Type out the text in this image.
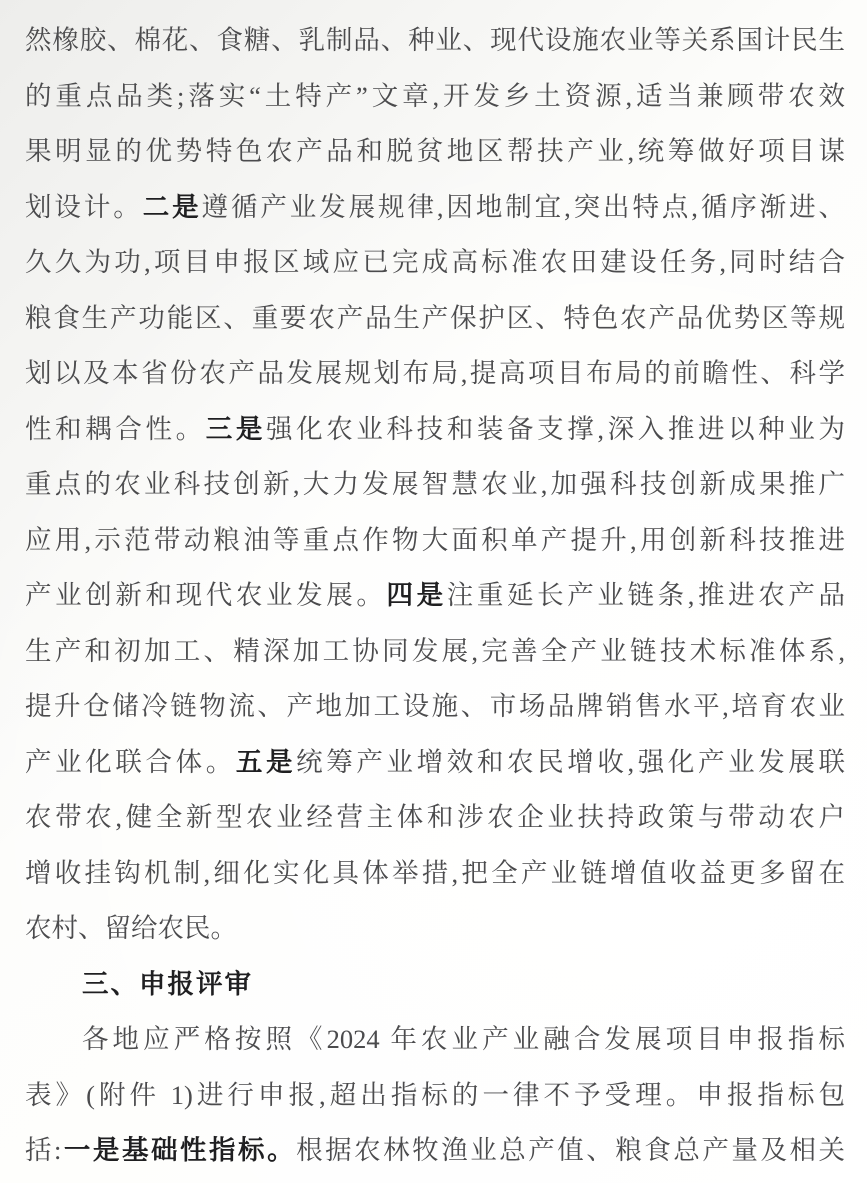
然橡胶、棉花、食糖、乳制品、种业、现代设施农业等关系国计民生
的重点品类;落实“土特产”文章,开发乡土资源,适当兼顾带农效
果明显的优势特色农产品和脱贫地区帮扶产业,统筹做好项目谋
划设计。二是遵循产业发展规律,因地制宜,突出特点,循序渐进、
久久为功,项目申报区域应已完成高标准农田建设任务,同时结合
粮食生产功能区、重要农产品生产保护区、特色农产品优势区等规
划以及本省份农产品发展规划布局,提高项目布局的前瞻性、科学
性和耦合性。三是强化农业科技和装备支撑,深入推进以种业为
重点的农业科技创新,大力发展智慧农业,加强科技创新成果推广
应用,示范带动粮油等重点作物大面积单产提升,用创新科技推进
产业创新和现代农业发展。四是注重延长产业链条,推进农产品
生产和初加工、精深加工协同发展,完善全产业链技术标准体系,
提升仓储冷链物流、产地加工设施、市场品牌销售水平,培育农业
产业化联合体。五是统筹产业增效和农民增收,强化产业发展联
农带农,健全新型农业经营主体和涉农企业扶持政策与带动农户
增收挂钩机制,细化实化具体举措,把全产业链增值收益更多留在
农村、留给农民。
三、申报评审
各地应严格按照《2024 年农业产业融合发展项目申报指标
表》(附件 1)进行申报,超出指标的一律不予受理。申报指标包
括:一是基础性指标。根据农林牧渔业总产值、粮食总产量及相关
